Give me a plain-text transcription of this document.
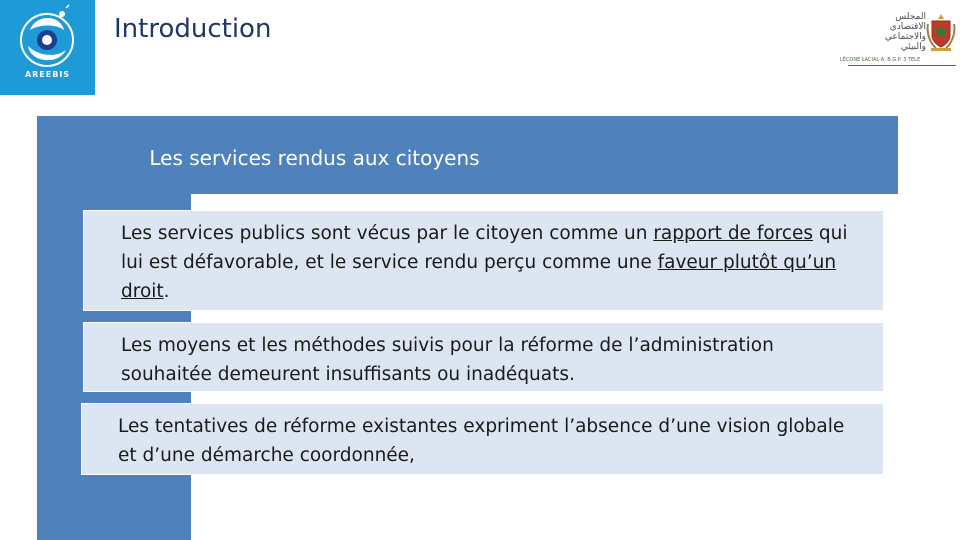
AREEBIS
Introduction	المجلس
الاقتصادي
والاجتماعي
والبيئي
LÉCONE ŁACIAL A. B.G.P. 3 TELE
Les services rendus aux citoyens
Les services publics sont vécus par le citoyen comme un rapport de forces qui lui est défavorable, et le service rendu perçu comme une faveur plutôt qu’un droit.
Les moyens et les méthodes suivis pour la réforme de l’administration souhaitée demeurent insuffisants ou inadéquats.
Les tentatives de réforme existantes expriment l’absence d’une vision globale et d’une démarche coordonnée,
